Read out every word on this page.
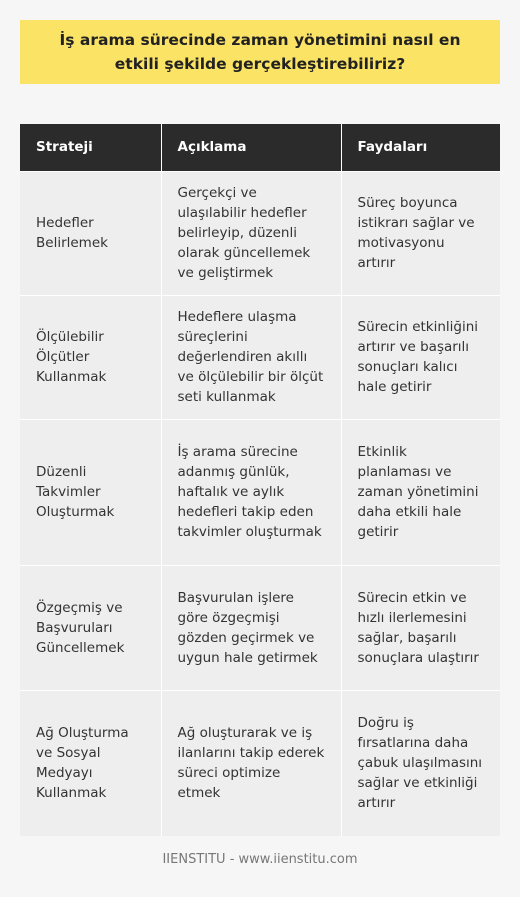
İş arama sürecinde zaman yönetimini nasıl en etkili şekilde gerçekleştirebiliriz?
Strateji	Açıklama	Faydaları
Hedefler Belirlemek	Gerçekçi ve ulaşılabilir hedefler belirleyip, düzenli olarak güncellemek ve geliştirmek	Süreç boyunca istikrarı sağlar ve motivasyonu artırır
Ölçülebilir Ölçütler Kullanmak	Hedeflere ulaşma süreçlerini değerlendiren akıllı ve ölçülebilir bir ölçüt seti kullanmak	Sürecin etkinliğini artırır ve başarılı sonuçları kalıcı hale getirir
Düzenli Takvimler Oluşturmak	İş arama sürecine adanmış günlük, haftalık ve aylık hedefleri takip eden takvimler oluşturmak	Etkinlik planlaması ve zaman yönetimini daha etkili hale getirir
Özgeçmiş ve Başvuruları Güncellemek	Başvurulan işlere göre özgeçmişi gözden geçirmek ve uygun hale getirmek	Sürecin etkin ve hızlı ilerlemesini sağlar, başarılı sonuçlara ulaştırır
Ağ Oluşturma ve Sosyal Medyayı Kullanmak	Ağ oluşturarak ve iş ilanlarını takip ederek süreci optimize etmek	Doğru iş fırsatlarına daha çabuk ulaşılmasını sağlar ve etkinliği artırır
IIENSTITU - www.iienstitu.com
